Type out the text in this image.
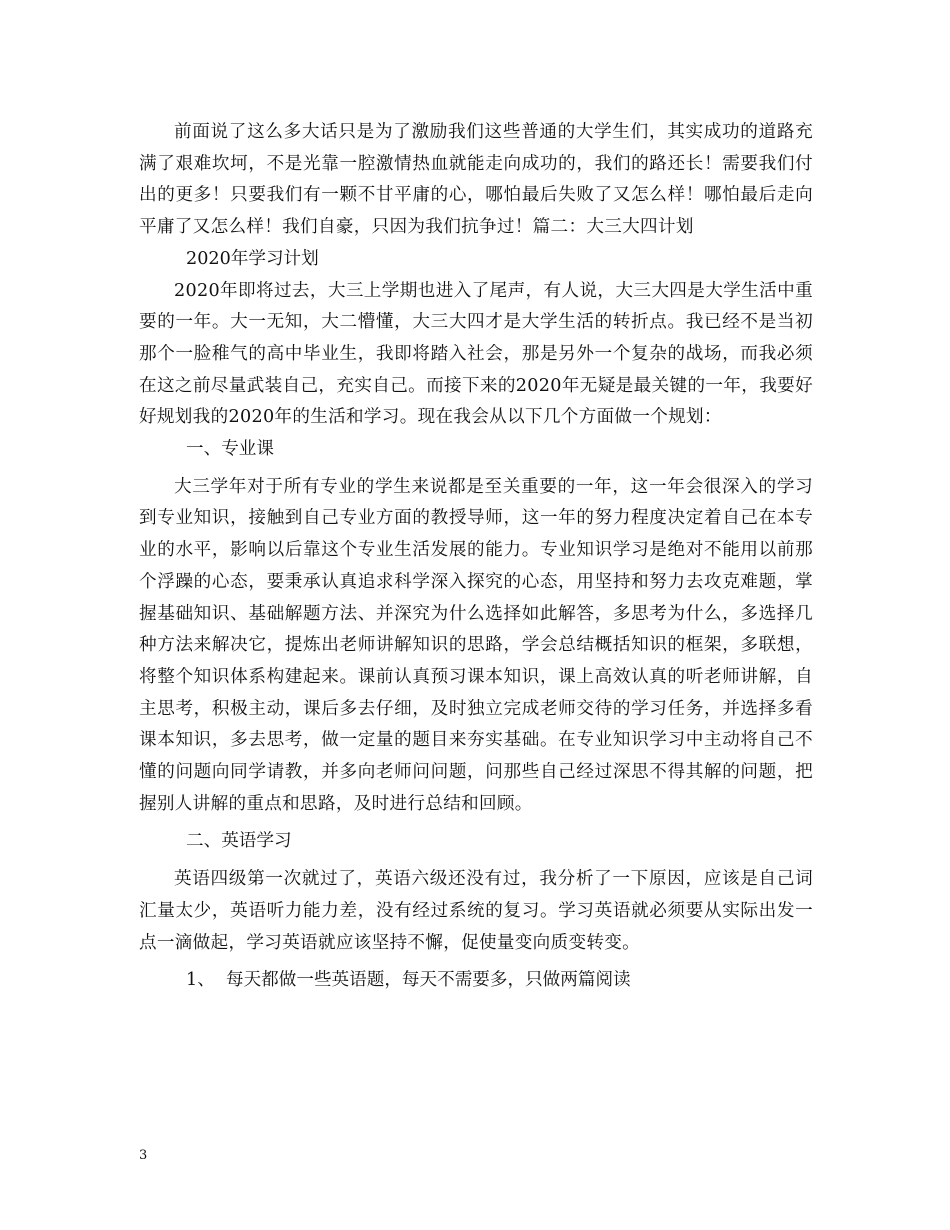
前面说了这么多大话只是为了激励我们这些普通的大学生们，其实成功的道路充满了艰难坎坷，不是光靠一腔激情热血就能走向成功的，我们的路还长！需要我们付出的更多！只要我们有一颗不甘平庸的心，哪怕最后失败了又怎么样！哪怕最后走向平庸了又怎么样！我们自豪，只因为我们抗争过！篇二：大三大四计划

2020年学习计划

2020年即将过去，大三上学期也进入了尾声，有人说，大三大四是大学生活中重要的一年。大一无知，大二懵懂，大三大四才是大学生活的转折点。我已经不是当初那个一脸稚气的高中毕业生，我即将踏入社会，那是另外一个复杂的战场，而我必须在这之前尽量武装自己，充实自己。而接下来的2020年无疑是最关键的一年，我要好好规划我的2020年的生活和学习。现在我会从以下几个方面做一个规划：

一、专业课

大三学年对于所有专业的学生来说都是至关重要的一年，这一年会很深入的学习到专业知识，接触到自己专业方面的教授导师，这一年的努力程度决定着自己在本专业的水平，影响以后靠这个专业生活发展的能力。专业知识学习是绝对不能用以前那个浮躁的心态，要秉承认真追求科学深入探究的心态，用坚持和努力去攻克难题，掌握基础知识、基础解题方法、并深究为什么选择如此解答，多思考为什么，多选择几种方法来解决它，提炼出老师讲解知识的思路，学会总结概括知识的框架，多联想，将整个知识体系构建起来。课前认真预习课本知识，课上高效认真的听老师讲解，自主思考，积极主动，课后多去仔细，及时独立完成老师交待的学习任务，并选择多看课本知识，多去思考，做一定量的题目来夯实基础。在专业知识学习中主动将自己不懂的问题向同学请教，并多向老师问问题，问那些自己经过深思不得其解的问题，把握别人讲解的重点和思路，及时进行总结和回顾。

二、英语学习

英语四级第一次就过了，英语六级还没有过，我分析了一下原因，应该是自己词汇量太少，英语听力能力差，没有经过系统的复习。学习英语就必须要从实际出发一点一滴做起，学习英语就应该坚持不懈，促使量变向质变转变。

1、  每天都做一些英语题，每天不需要多，只做两篇阅读

3
